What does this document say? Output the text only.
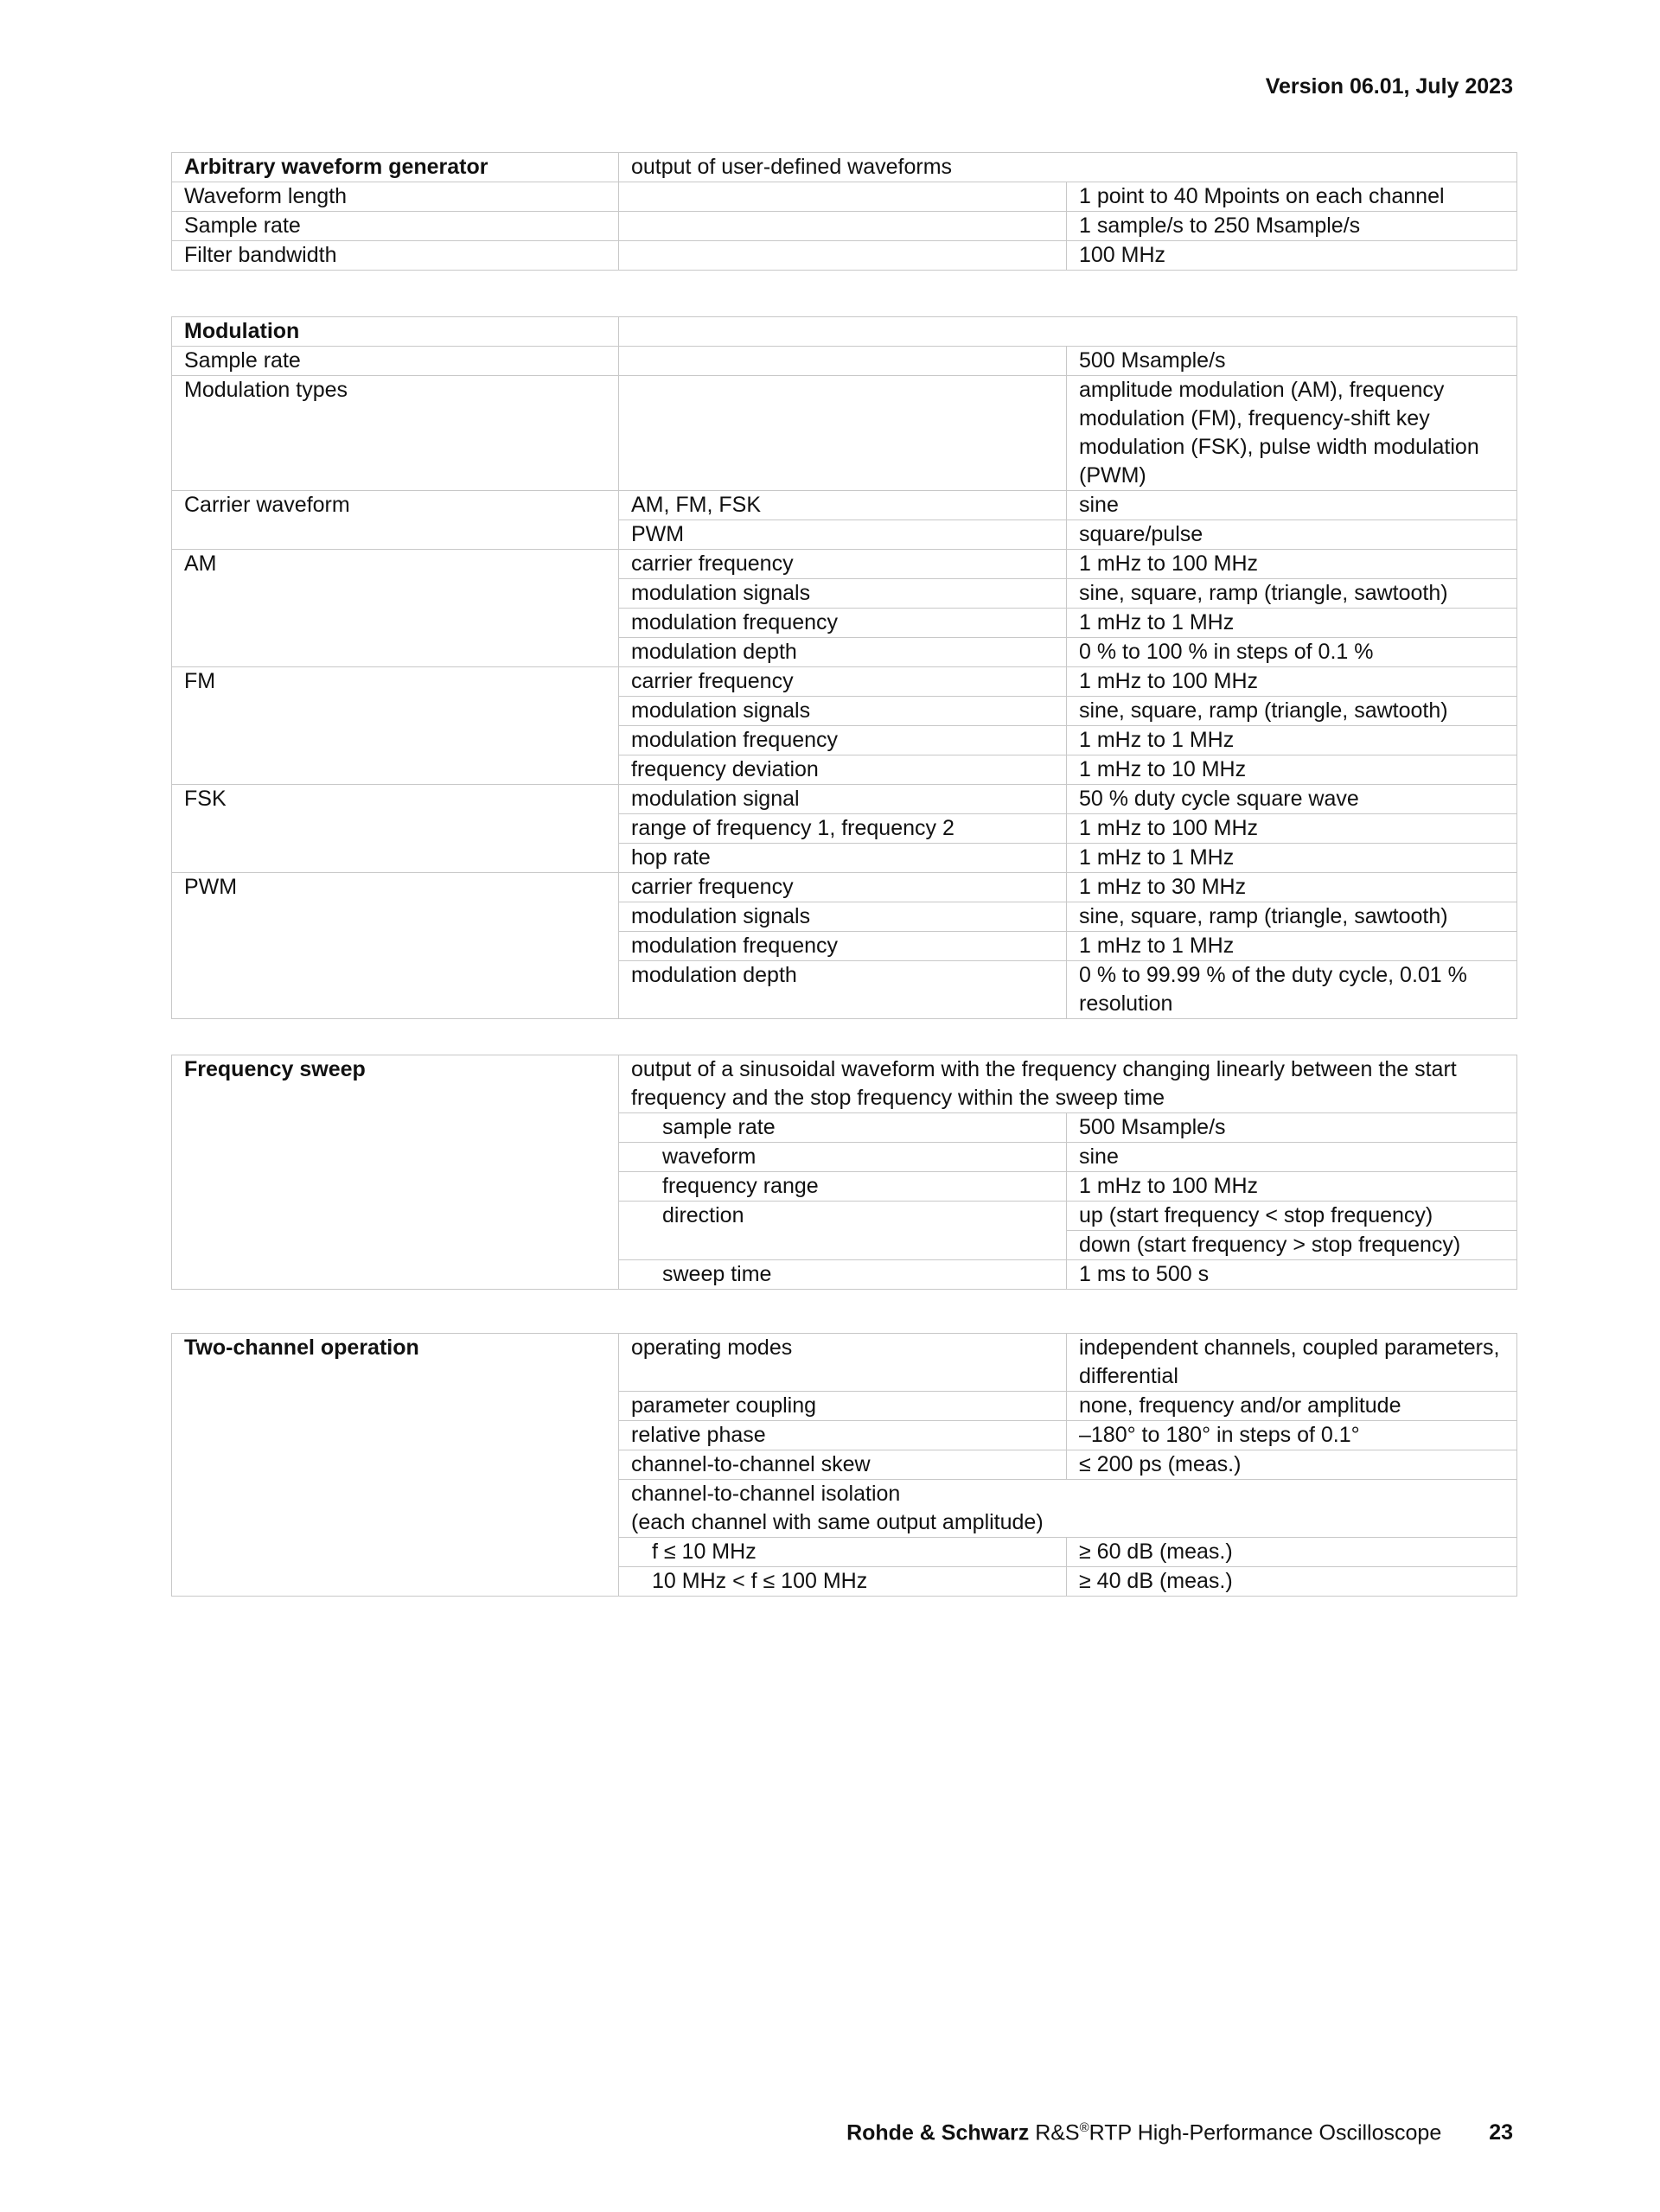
Version 06.01, July 2023
Arbitrary waveform generator	output of user-defined waveforms	
Waveform length		1 point to 40 Mpoints on each channel
Sample rate		1 sample/s to 250 Msample/s
Filter bandwidth		100 MHz
Modulation		
Sample rate		500 Msample/s
Modulation types		amplitude modulation (AM), frequency modulation (FM), frequency-shift key modulation (FSK), pulse width modulation (PWM)
Carrier waveform	AM, FM, FSK	sine
	PWM	square/pulse
AM	carrier frequency	1 mHz to 100 MHz
	modulation signals	sine, square, ramp (triangle, sawtooth)
	modulation frequency	1 mHz to 1 MHz
	modulation depth	0 % to 100 % in steps of 0.1 %
FM	carrier frequency	1 mHz to 100 MHz
	modulation signals	sine, square, ramp (triangle, sawtooth)
	modulation frequency	1 mHz to 1 MHz
	frequency deviation	1 mHz to 10 MHz
FSK	modulation signal	50 % duty cycle square wave
	range of frequency 1, frequency 2	1 mHz to 100 MHz
	hop rate	1 mHz to 1 MHz
PWM	carrier frequency	1 mHz to 30 MHz
	modulation signals	sine, square, ramp (triangle, sawtooth)
	modulation frequency	1 mHz to 1 MHz
	modulation depth	0 % to 99.99 % of the duty cycle, 0.01 % resolution
Frequency sweep	output of a sinusoidal waveform with the frequency changing linearly between the start frequency and the stop frequency within the sweep time	
	sample rate	500 Msample/s
	waveform	sine
	frequency range	1 mHz to 100 MHz
	direction	up (start frequency < stop frequency)
		down (start frequency > stop frequency)
	sweep time	1 ms to 500 s
Two-channel operation	operating modes	independent channels, coupled parameters, differential
	parameter coupling	none, frequency and/or amplitude
	relative phase	–180° to 180° in steps of 0.1°
	channel-to-channel skew	≤ 200 ps (meas.)
	channel-to-channel isolation	
	(each channel with same output amplitude)	
	f ≤ 10 MHz	≥ 60 dB (meas.)
	10 MHz < f ≤ 100 MHz	≥ 40 dB (meas.)
Rohde & Schwarz R&S®RTP High-Performance Oscilloscope 23
